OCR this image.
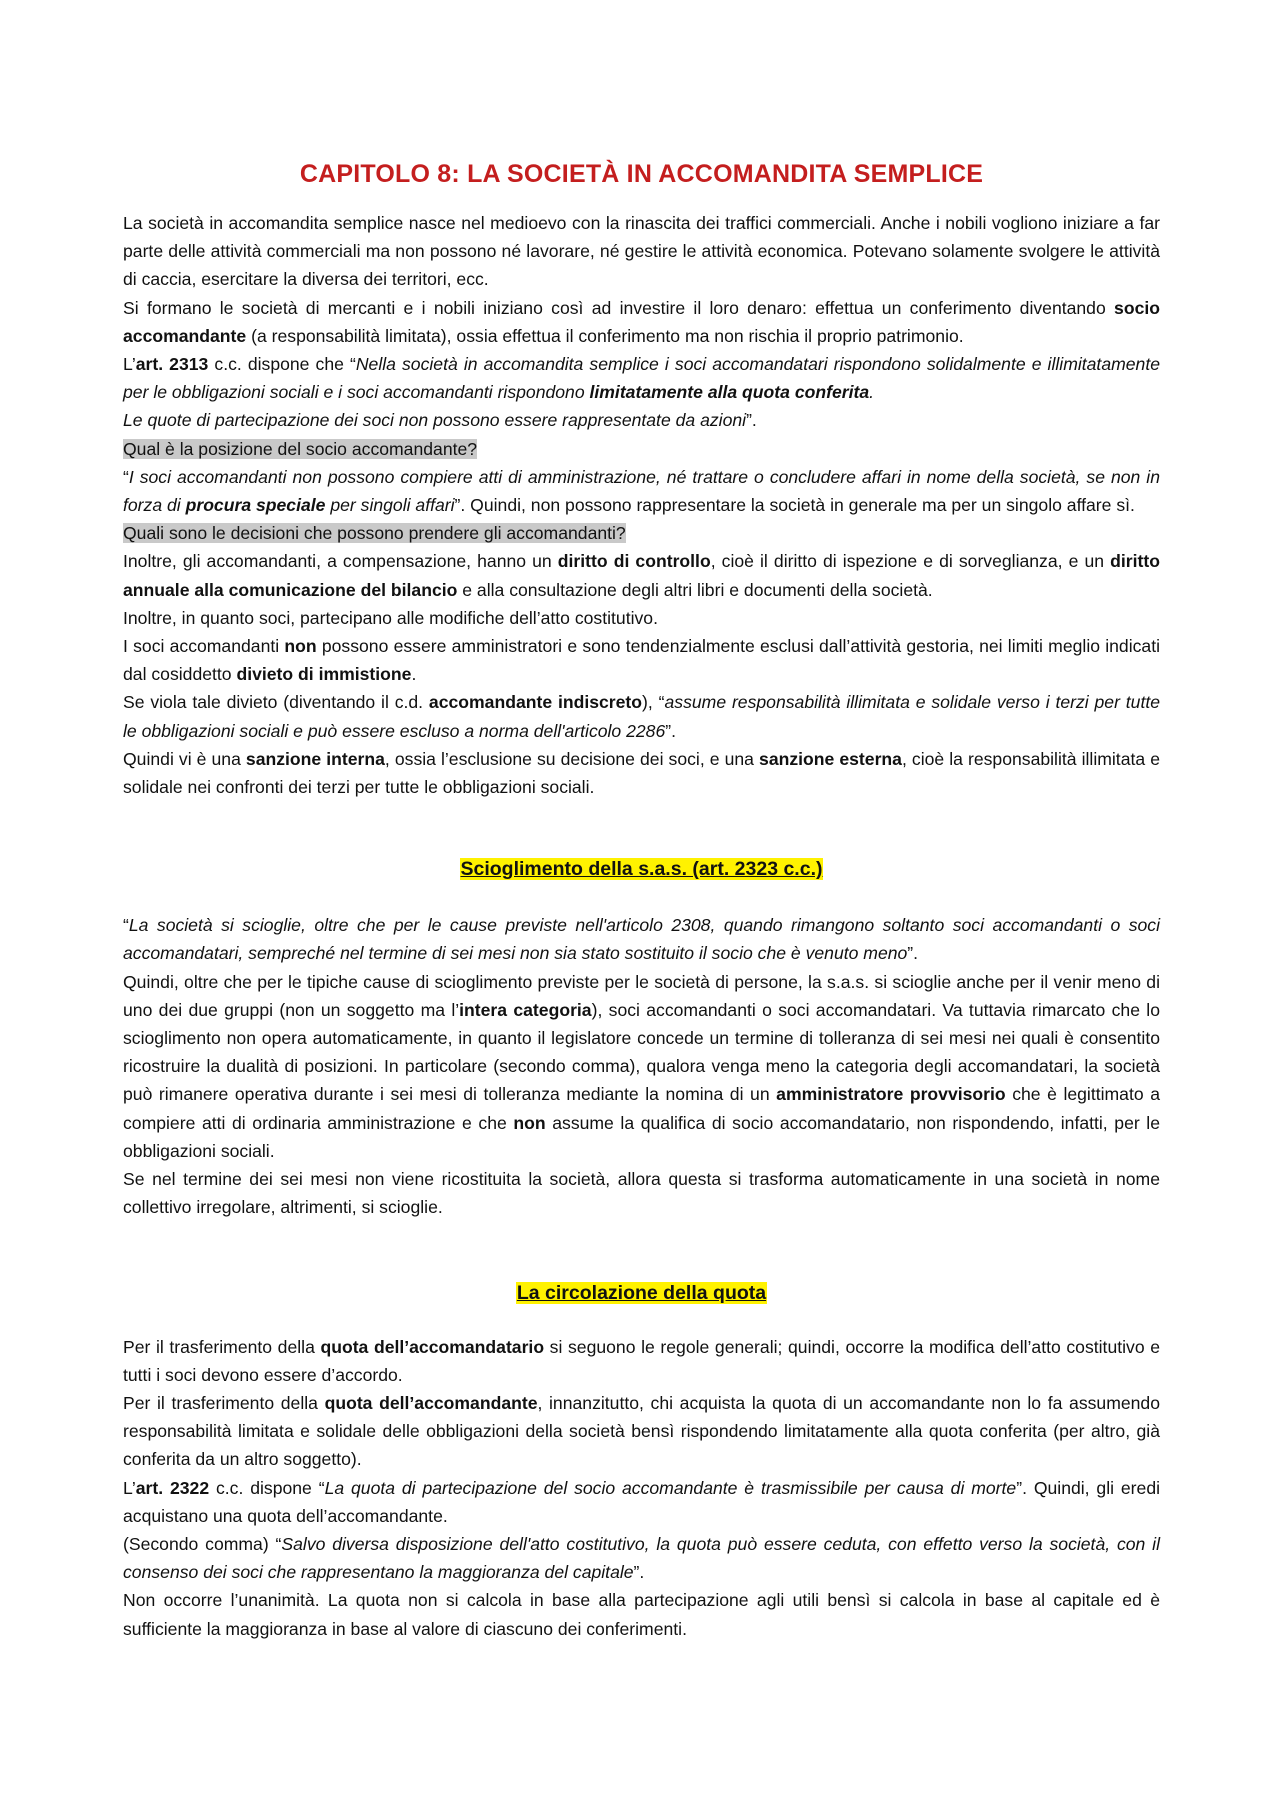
CAPITOLO 8: LA SOCIETÀ IN ACCOMANDITA SEMPLICE

La società in accomandita semplice nasce nel medioevo con la rinascita dei traffici commerciali. Anche i nobili vogliono iniziare a far parte delle attività commerciali ma non possono né lavorare, né gestire le attività economica. Potevano solamente svolgere le attività di caccia, esercitare la diversa dei territori, ecc.

Si formano le società di mercanti e i nobili iniziano così ad investire il loro denaro: effettua un conferimento diventando socio accomandante (a responsabilità limitata), ossia effettua il conferimento ma non rischia il proprio patrimonio.

L’art. 2313 c.c. dispone che “Nella società in accomandita semplice i soci accomandatari rispondono solidalmente e illimitatamente per le obbligazioni sociali e i soci accomandanti rispondono limitatamente alla quota conferita.

Le quote di partecipazione dei soci non possono essere rappresentate da azioni”.

Qual è la posizione del socio accomandante?

“I soci accomandanti non possono compiere atti di amministrazione, né trattare o concludere affari in nome della società, se non in forza di procura speciale per singoli affari”. Quindi, non possono rappresentare la società in generale ma per un singolo affare sì.

Quali sono le decisioni che possono prendere gli accomandanti?

Inoltre, gli accomandanti, a compensazione, hanno un diritto di controllo, cioè il diritto di ispezione e di sorveglianza, e un diritto annuale alla comunicazione del bilancio e alla consultazione degli altri libri e documenti della società.

Inoltre, in quanto soci, partecipano alle modifiche dell’atto costitutivo.

I soci accomandanti non possono essere amministratori e sono tendenzialmente esclusi dall’attività gestoria, nei limiti meglio indicati dal cosiddetto divieto di immistione.

Se viola tale divieto (diventando il c.d. accomandante indiscreto), “assume responsabilità illimitata e solidale verso i terzi per tutte le obbligazioni sociali e può essere escluso a norma dell'articolo 2286”.

Quindi vi è una sanzione interna, ossia l’esclusione su decisione dei soci, e una sanzione esterna, cioè la responsabilità illimitata e solidale nei confronti dei terzi per tutte le obbligazioni sociali.

Scioglimento della s.a.s. (art. 2323 c.c.)

“La società si scioglie, oltre che per le cause previste nell'articolo 2308, quando rimangono soltanto soci accomandanti o soci accomandatari, sempreché nel termine di sei mesi non sia stato sostituito il socio che è venuto meno”.

Quindi, oltre che per le tipiche cause di scioglimento previste per le società di persone, la s.a.s. si scioglie anche per il venir meno di uno dei due gruppi (non un soggetto ma l’intera categoria), soci accomandanti o soci accomandatari. Va tuttavia rimarcato che lo scioglimento non opera automaticamente, in quanto il legislatore concede un termine di tolleranza di sei mesi nei quali è consentito ricostruire la dualità di posizioni. In particolare (secondo comma), qualora venga meno la categoria degli accomandatari, la società può rimanere operativa durante i sei mesi di tolleranza mediante la nomina di un amministratore provvisorio che è legittimato a compiere atti di ordinaria amministrazione e che non assume la qualifica di socio accomandatario, non rispondendo, infatti, per le obbligazioni sociali.

Se nel termine dei sei mesi non viene ricostituita la società, allora questa si trasforma automaticamente in una società in nome collettivo irregolare, altrimenti, si scioglie.

La circolazione della quota

Per il trasferimento della quota dell’accomandatario si seguono le regole generali; quindi, occorre la modifica dell’atto costitutivo e tutti i soci devono essere d’accordo.

Per il trasferimento della quota dell’accomandante, innanzitutto, chi acquista la quota di un accomandante non lo fa assumendo responsabilità limitata e solidale delle obbligazioni della società bensì rispondendo limitatamente alla quota conferita (per altro, già conferita da un altro soggetto).

L’art. 2322 c.c. dispone “La quota di partecipazione del socio accomandante è trasmissibile per causa di morte”. Quindi, gli eredi acquistano una quota dell’accomandante.

(Secondo comma) “Salvo diversa disposizione dell'atto costitutivo, la quota può essere ceduta, con effetto verso la società, con il consenso dei soci che rappresentano la maggioranza del capitale”.

Non occorre l’unanimità. La quota non si calcola in base alla partecipazione agli utili bensì si calcola in base al capitale ed è sufficiente la maggioranza in base al valore di ciascuno dei conferimenti.
